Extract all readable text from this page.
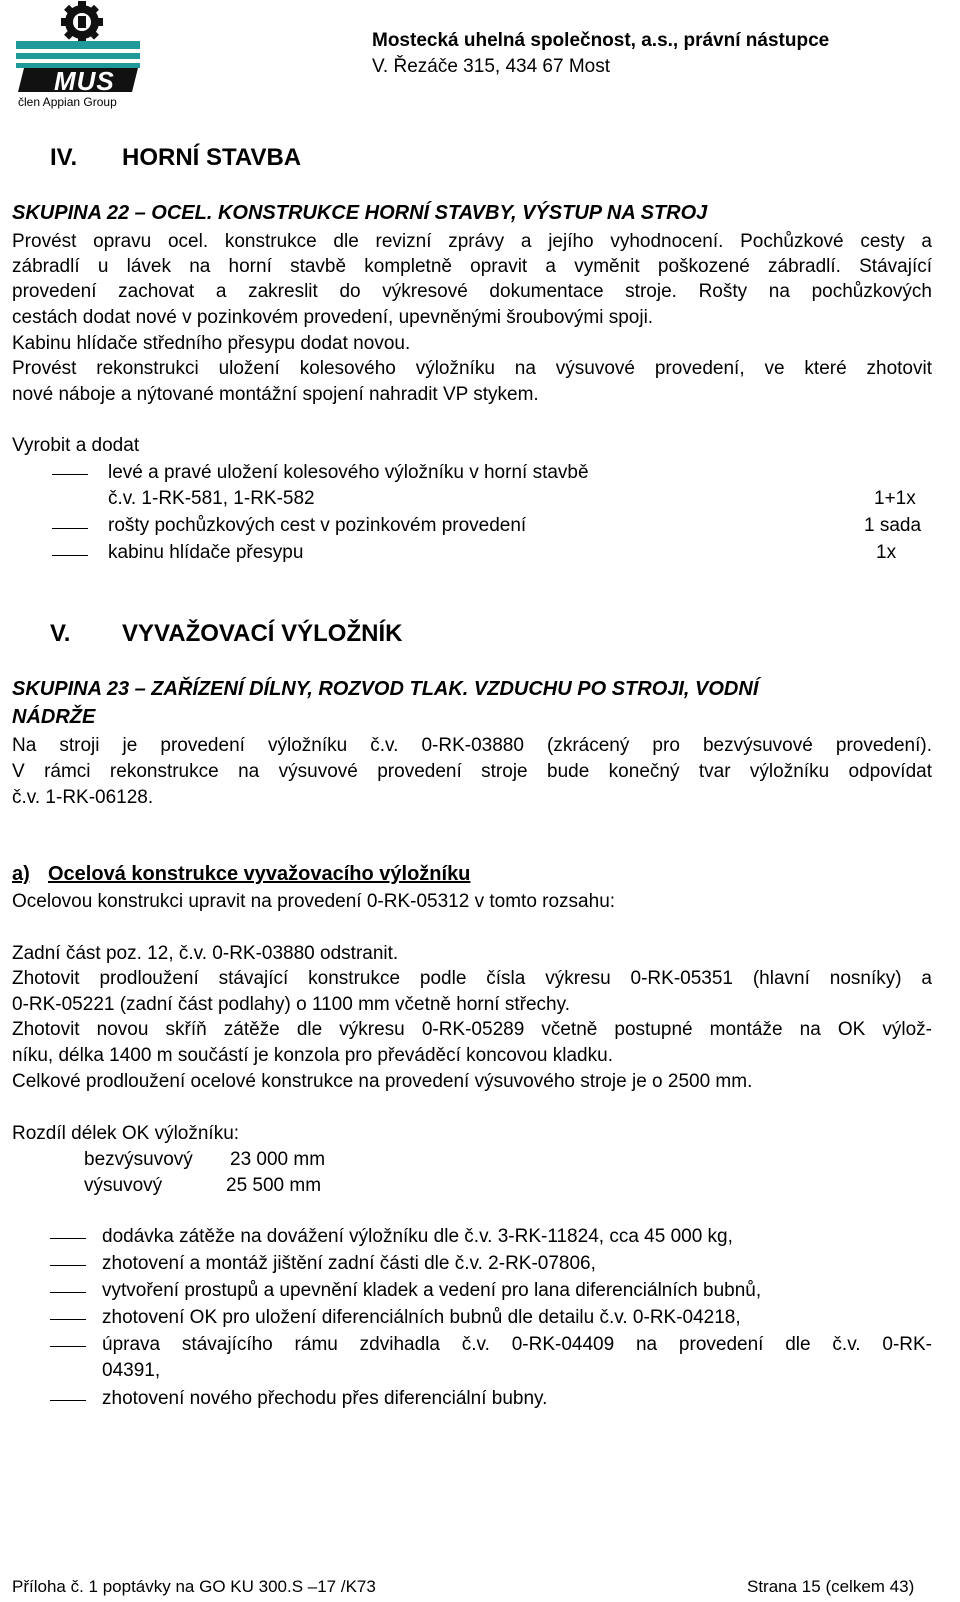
MUS
člen Appian Group
Mostecká uhelná společnost, a.s., právní nástupce
V. Řezáče 315, 434 67 Most
IV. HORNÍ STAVBA
SKUPINA 22 – OCEL. KONSTRUKCE HORNÍ STAVBY, VÝSTUP NA STROJ
Provést opravu ocel. konstrukce dle revizní zprávy a jejího vyhodnocení. Pochůzkové cesty a
zábradlí u lávek na horní stavbě kompletně opravit a vyměnit poškozené zábradlí. Stávající
provedení zachovat a zakreslit do výkresové dokumentace stroje. Rošty na pochůzkových
cestách dodat nové v pozinkovém provedení, upevněnými šroubovými spoji.
Kabinu hlídače středního přesypu dodat novou.
Provést rekonstrukci uložení kolesového výložníku na výsuvové provedení, ve které zhotovit
nové náboje a nýtované montážní spojení nahradit VP stykem.
Vyrobit a dodat
levé a pravé uložení kolesového výložníku v horní stavbě
č.v. 1-RK-581, 1-RK-582	1+1x
rošty pochůzkových cest v pozinkovém provedení	1 sada
kabinu hlídače přesypu	1x
V. VYVAŽOVACÍ VÝLOŽNÍK
SKUPINA 23 – ZAŘÍZENÍ DÍLNY, ROZVOD TLAK. VZDUCHU PO STROJI, VODNÍ
NÁDRŽE
Na stroji je provedení výložníku č.v. 0-RK-03880 (zkrácený pro bezvýsuvové provedení).
V rámci rekonstrukce na výsuvové provedení stroje bude konečný tvar výložníku odpovídat
č.v. 1-RK-06128.
a) Ocelová konstrukce vyvažovacího výložníku
Ocelovou konstrukci upravit na provedení 0-RK-05312 v tomto rozsahu:
Zadní část poz. 12, č.v. 0-RK-03880 odstranit.
Zhotovit prodloužení stávající konstrukce podle čísla výkresu 0-RK-05351 (hlavní nosníky) a
0-RK-05221 (zadní část podlahy) o 1100 mm včetně horní střechy.
Zhotovit novou skříň zátěže dle výkresu 0-RK-05289 včetně postupné montáže na OK výlož-
níku, délka 1400 m součástí je konzola pro převáděcí koncovou kladku.
Celkové prodloužení ocelové konstrukce na provedení výsuvového stroje je o 2500 mm.
Rozdíl délek OK výložníku:
bezvýsuvový 23 000 mm
výsuvový	25 500 mm
dodávka zátěže na dovážení výložníku dle č.v. 3-RK-11824, cca 45 000 kg,
zhotovení a montáž jištění zadní části dle č.v. 2-RK-07806,
vytvoření prostupů a upevnění kladek a vedení pro lana diferenciálních bubnů,
zhotovení OK pro uložení diferenciálních bubnů dle detailu č.v. 0-RK-04218,
úprava stávajícího rámu zdvihadla č.v. 0-RK-04409 na provedení dle č.v. 0-RK-
04391,
zhotovení nového přechodu přes diferenciální bubny.
Příloha č. 1 poptávky na GO KU 300.S –17 /K73	Strana 15 (celkem 43)
